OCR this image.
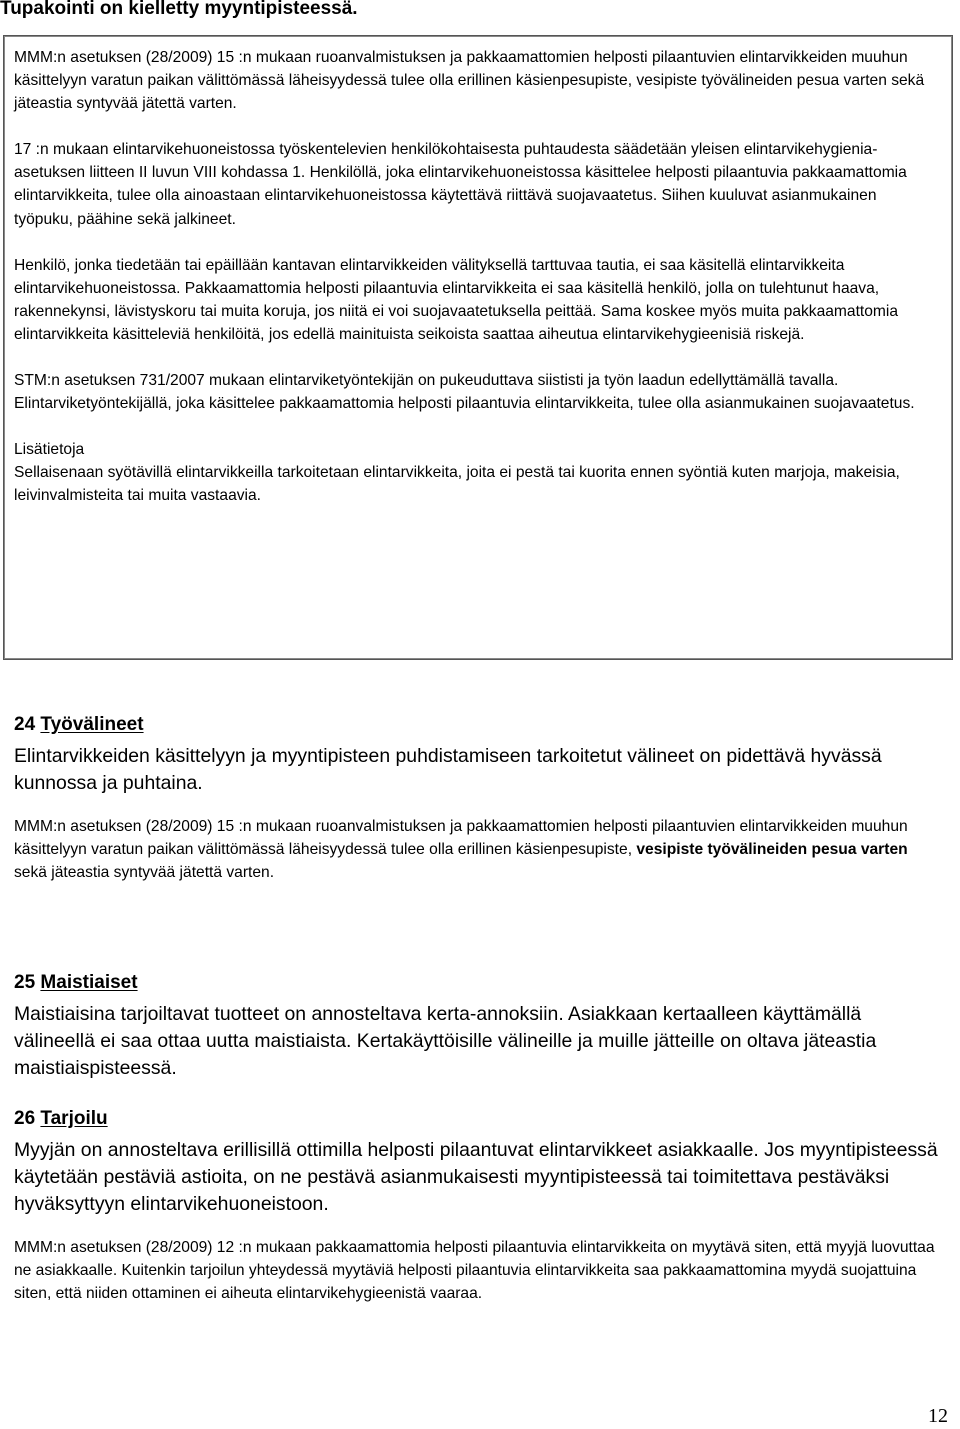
Tupakointi on kielletty myyntipisteessä.

MMM:n asetuksen (28/2009) 15 :n mukaan ruoanvalmistuksen ja pakkaamattomien helposti pilaantuvien elintarvikkeiden muuhun käsittelyyn varatun paikan välittömässä läheisyydessä tulee olla erillinen käsienpesupiste, vesipiste työvälineiden pesua varten sekä jäteastia syntyvää jätettä varten.

17 :n mukaan elintarvikehuoneistossa työskentelevien henkilökohtaisesta puhtaudesta säädetään yleisen elintarvikehygienia-asetuksen liitteen II luvun VIII kohdassa 1. Henkilöllä, joka elintarvikehuoneistossa käsittelee helposti pilaantuvia pakkaamattomia elintarvikkeita, tulee olla ainoastaan elintarvikehuoneistossa käytettävä riittävä suojavaatetus. Siihen kuuluvat asianmukainen työpuku, päähine sekä jalkineet.

Henkilö, jonka tiedetään tai epäillään kantavan elintarvikkeiden välityksellä tarttuvaa tautia, ei saa käsitellä elintarvikkeita elintarvikehuoneistossa. Pakkaamattomia helposti pilaantuvia elintarvikkeita ei saa käsitellä henkilö, jolla on tulehtunut haava, rakennekynsi, lävistyskoru tai muita koruja, jos niitä ei voi suojavaatetuksella peittää. Sama koskee myös muita pakkaamattomia elintarvikkeita käsitteleviä henkilöitä, jos edellä mainituista seikoista saattaa aiheutua elintarvikehygieenisiä riskejä.

STM:n asetuksen 731/2007 mukaan elintarviketyöntekijän on pukeuduttava siististi ja työn laadun edellyttämällä tavalla. Elintarviketyöntekijällä, joka käsittelee pakkaamattomia helposti pilaantuvia elintarvikkeita, tulee olla asianmukainen suojavaatetus.

Lisätietoja

Sellaisenaan syötävillä elintarvikkeilla tarkoitetaan elintarvikkeita, joita ei pestä tai kuorita ennen syöntiä kuten marjoja, makeisia, leivinvalmisteita tai muita vastaavia.

24 Työvälineet

Elintarvikkeiden käsittelyyn ja myyntipisteen puhdistamiseen tarkoitetut välineet on pidettävä hyvässä kunnossa ja puhtaina.

MMM:n asetuksen (28/2009) 15 :n mukaan ruoanvalmistuksen ja pakkaamattomien helposti pilaantuvien elintarvikkeiden muuhun käsittelyyn varatun paikan välittömässä läheisyydessä tulee olla erillinen käsienpesupiste, vesipiste työvälineiden pesua varten sekä jäteastia syntyvää jätettä varten.

25 Maistiaiset

Maistiaisina tarjoiltavat tuotteet on annosteltava kerta-annoksiin. Asiakkaan kertaalleen käyttämällä välineellä ei saa ottaa uutta maistiaista. Kertakäyttöisille välineille ja muille jätteille on oltava jäteastia maistiaispisteessä.

26 Tarjoilu

Myyjän on annosteltava erillisillä ottimilla helposti pilaantuvat elintarvikkeet asiakkaalle. Jos myyntipisteessä käytetään pestäviä astioita, on ne pestävä asianmukaisesti myyntipisteessä tai toimitettava pestäväksi hyväksyttyyn elintarvikehuoneistoon.

MMM:n asetuksen (28/2009) 12 :n mukaan pakkaamattomia helposti pilaantuvia elintarvikkeita on myytävä siten, että myyjä luovuttaa ne asiakkaalle. Kuitenkin tarjoilun yhteydessä myytäviä helposti pilaantuvia elintarvikkeita saa pakkaamattomina myydä suojattuina siten, että niiden ottaminen ei aiheuta elintarvikehygieenistä vaaraa.

12
